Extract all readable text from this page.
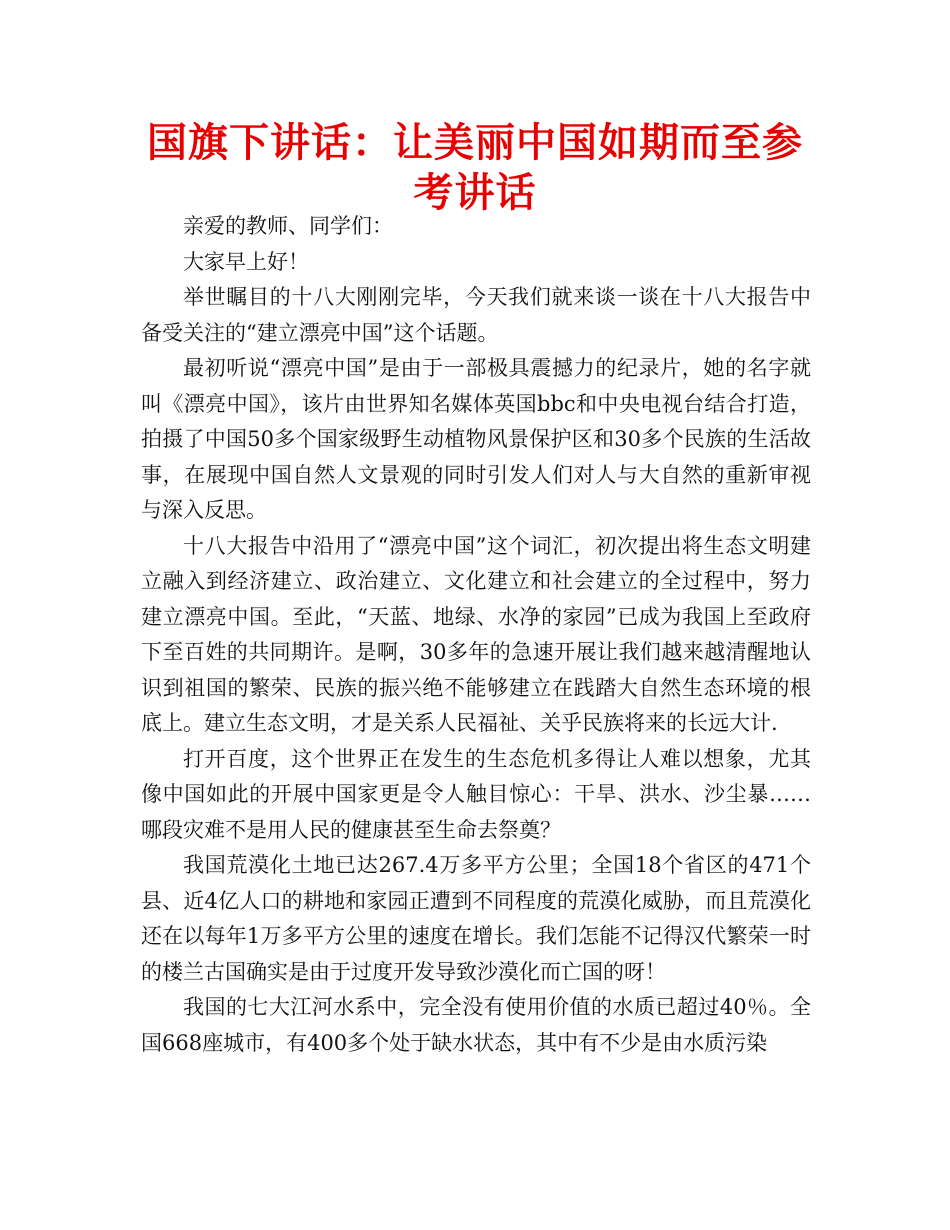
国旗下讲话：让美丽中国如期而至参考讲话

亲爱的教师、同学们：

大家早上好！

举世瞩目的十八大刚刚完毕，今天我们就来谈一谈在十八大报告中备受关注的“建立漂亮中国”这个话题。

最初听说“漂亮中国”是由于一部极具震撼力的纪录片，她的名字就叫《漂亮中国》，该片由世界知名媒体英国bbc和中央电视台结合打造，拍摄了中国50多个国家级野生动植物风景保护区和30多个民族的生活故事，在展现中国自然人文景观的同时引发人们对人与大自然的重新审视与深入反思。

十八大报告中沿用了“漂亮中国”这个词汇，初次提出将生态文明建立融入到经济建立、政治建立、文化建立和社会建立的全过程中，努力建立漂亮中国。至此，“天蓝、地绿、水净的家园”已成为我国上至政府下至百姓的共同期许。是啊，30多年的急速开展让我们越来越清醒地认识到祖国的繁荣、民族的振兴绝不能够建立在践踏大自然生态环境的根底上。建立生态文明，才是关系人民福祉、关乎民族将来的长远大计.

打开百度，这个世界正在发生的生态危机多得让人难以想象，尤其像中国如此的开展中国家更是令人触目惊心：干旱、洪水、沙尘暴……哪段灾难不是用人民的健康甚至生命去祭奠？

我国荒漠化土地已达267.4万多平方公里；全国18个省区的471个县、近4亿人口的耕地和家园正遭到不同程度的荒漠化威胁，而且荒漠化还在以每年1万多平方公里的速度在增长。我们怎能不记得汉代繁荣一时的楼兰古国确实是由于过度开发导致沙漠化而亡国的呀！

我国的七大江河水系中，完全没有使用价值的水质已超过40％。全国668座城市，有400多个处于缺水状态，其中有不少是由水质污染
